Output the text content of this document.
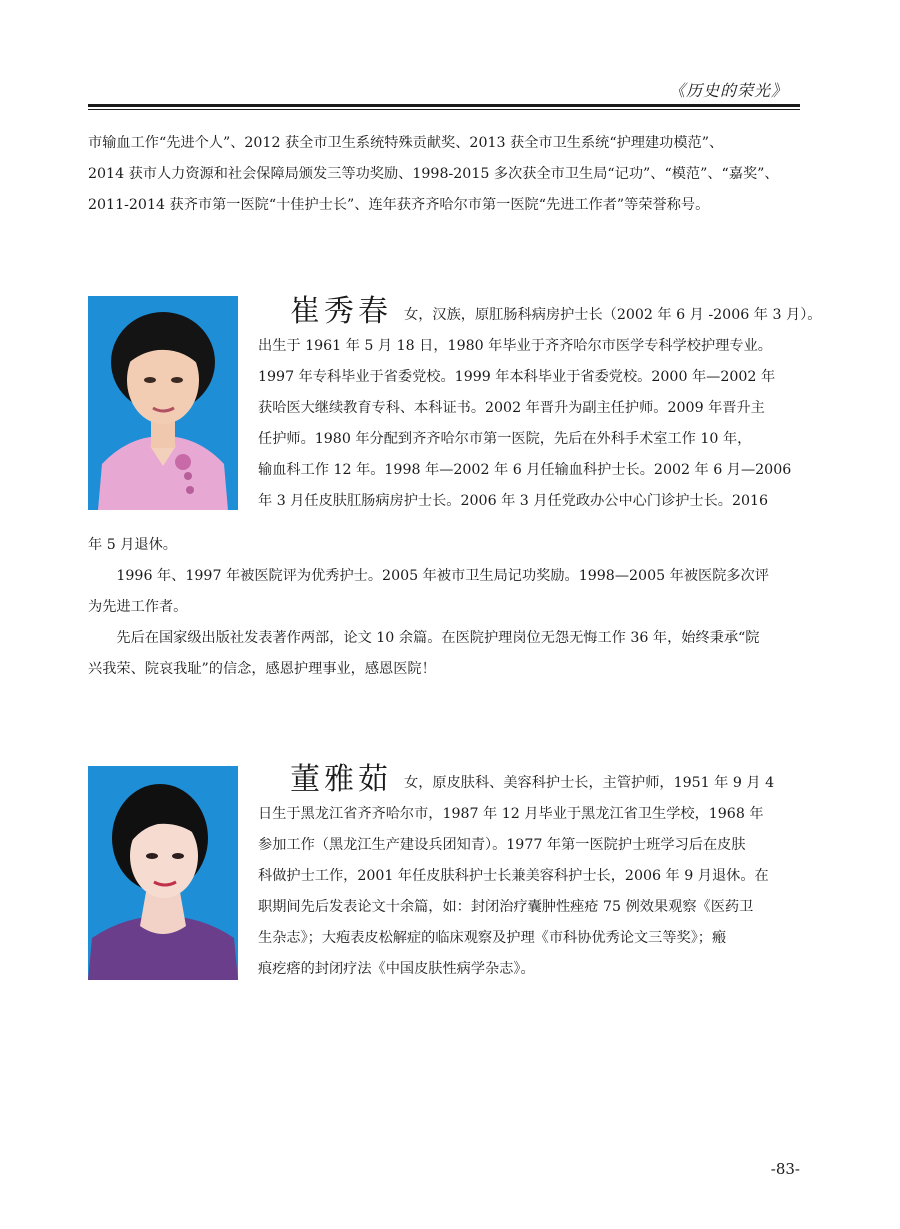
《历史的荣光》
市输血工作“先进个人”、2012 获全市卫生系统特殊贡献奖、2013 获全市卫生系统“护理建功模范”、
2014 获市人力资源和社会保障局颁发三等功奖励、1998-2015 多次获全市卫生局“记功”、“模范”、“嘉奖”、
2011-2014 获齐市第一医院“十佳护士长”、连年获齐齐哈尔市第一医院“先进工作者”等荣誉称号。
崔秀春 女，汉族，原肛肠科病房护士长（2002 年 6 月 -2006 年 3 月）。
出生于 1961 年 5 月 18 日，1980 年毕业于齐齐哈尔市医学专科学校护理专业。
1997 年专科毕业于省委党校。1999 年本科毕业于省委党校。2000 年—2002 年
获哈医大继续教育专科、本科证书。2002 年晋升为副主任护师。2009 年晋升主
任护师。1980 年分配到齐齐哈尔市第一医院，先后在外科手术室工作 10 年，
输血科工作 12 年。1998 年—2002 年 6 月任输血科护士长。2002 年 6 月—2006
年 3 月任皮肤肛肠病房护士长。2006 年 3 月任党政办公中心门诊护士长。2016
年 5 月退休。
　　1996 年、1997 年被医院评为优秀护士。2005 年被市卫生局记功奖励。1998—2005 年被医院多次评
为先进工作者。
　　先后在国家级出版社发表著作两部，论文 10 余篇。在医院护理岗位无怨无悔工作 36 年，始终秉承“院
兴我荣、院哀我耻”的信念，感恩护理事业，感恩医院！
董雅茹 女，原皮肤科、美容科护士长，主管护师，1951 年 9 月 4
日生于黑龙江省齐齐哈尔市，1987 年 12 月毕业于黑龙江省卫生学校，1968 年
参加工作（黑龙江生产建设兵团知青）。1977 年第一医院护士班学习后在皮肤
科做护士工作，2001 年任皮肤科护士长兼美容科护士长，2006 年 9 月退休。在
职期间先后发表论文十余篇，如：封闭治疗囊肿性痤疮 75 例效果观察《医药卫
生杂志》；大疱表皮松解症的临床观察及护理《市科协优秀论文三等奖》；瘢
痕疙瘩的封闭疗法《中国皮肤性病学杂志》。
-83-
